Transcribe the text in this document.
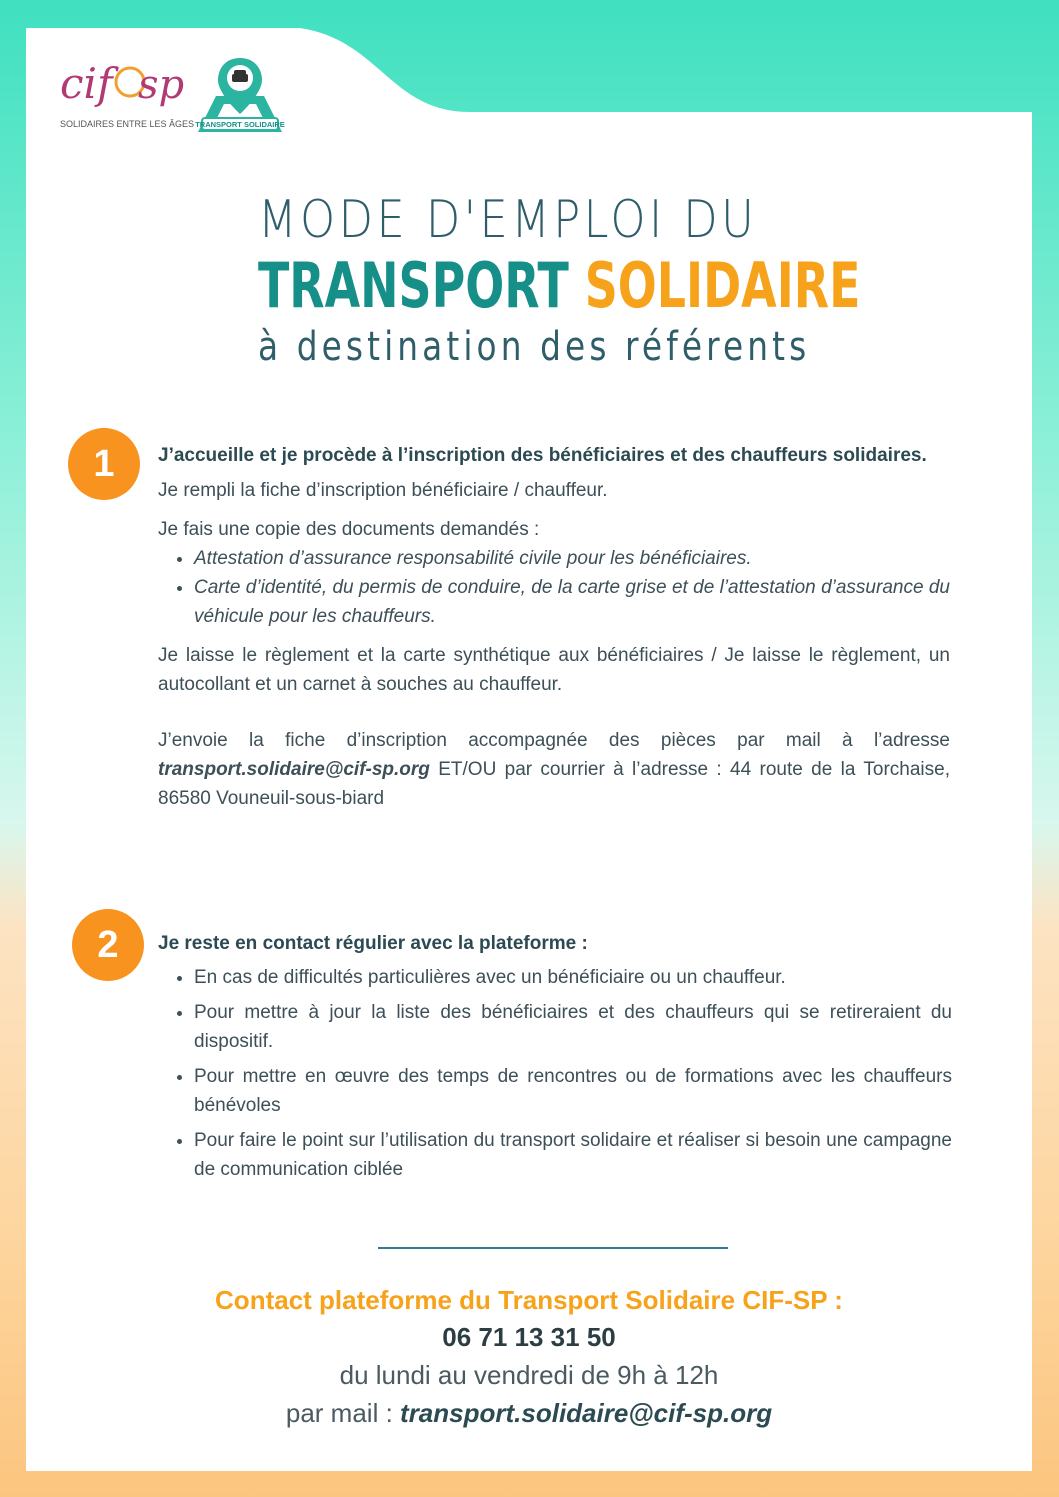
cif sp
SOLIDAIRES ENTRE LES ÂGES TRANSPORT SOLIDAIRE
MODE D'EMPLOI DU
TRANSPORT SOLIDAIRE
à destination des référents
1	J’accueille et je procède à l’inscription des bénéficiaires et des chauffeurs solidaires.

Je rempli la fiche d’inscription bénéficiaire / chauffeur.

Je fais une copie des documents demandés :

• Attestation d’assurance responsabilité civile pour les bénéficiaires.
• Carte d’identité, du permis de conduire, de la carte grise et de l’attestation d’assurance du véhicule pour les chauffeurs.

Je laisse le règlement et la carte synthétique aux bénéficiaires / Je laisse le règlement, un autocollant et un carnet à souches au chauffeur.

J’envoie la fiche d’inscription accompagnée des pièces par mail à l’adresse transport.solidaire@cif-sp.org ET/OU par courrier à l’adresse : 44 route de la Torchaise, 86580 Vouneuil-sous-biard

2	Je reste en contact régulier avec la plateforme :

• En cas de difficultés particulières avec un bénéficiaire ou un chauffeur.
• Pour mettre à jour la liste des bénéficiaires et des chauffeurs qui se retireraient du dispositif.
• Pour mettre en œuvre des temps de rencontres ou de formations avec les chauffeurs bénévoles
• Pour faire le point sur l’utilisation du transport solidaire et réaliser si besoin une campagne de communication ciblée
Contact plateforme du Transport Solidaire CIF-SP :
06 71 13 31 50
du lundi au vendredi de 9h à 12h
par mail : transport.solidaire@cif-sp.org
